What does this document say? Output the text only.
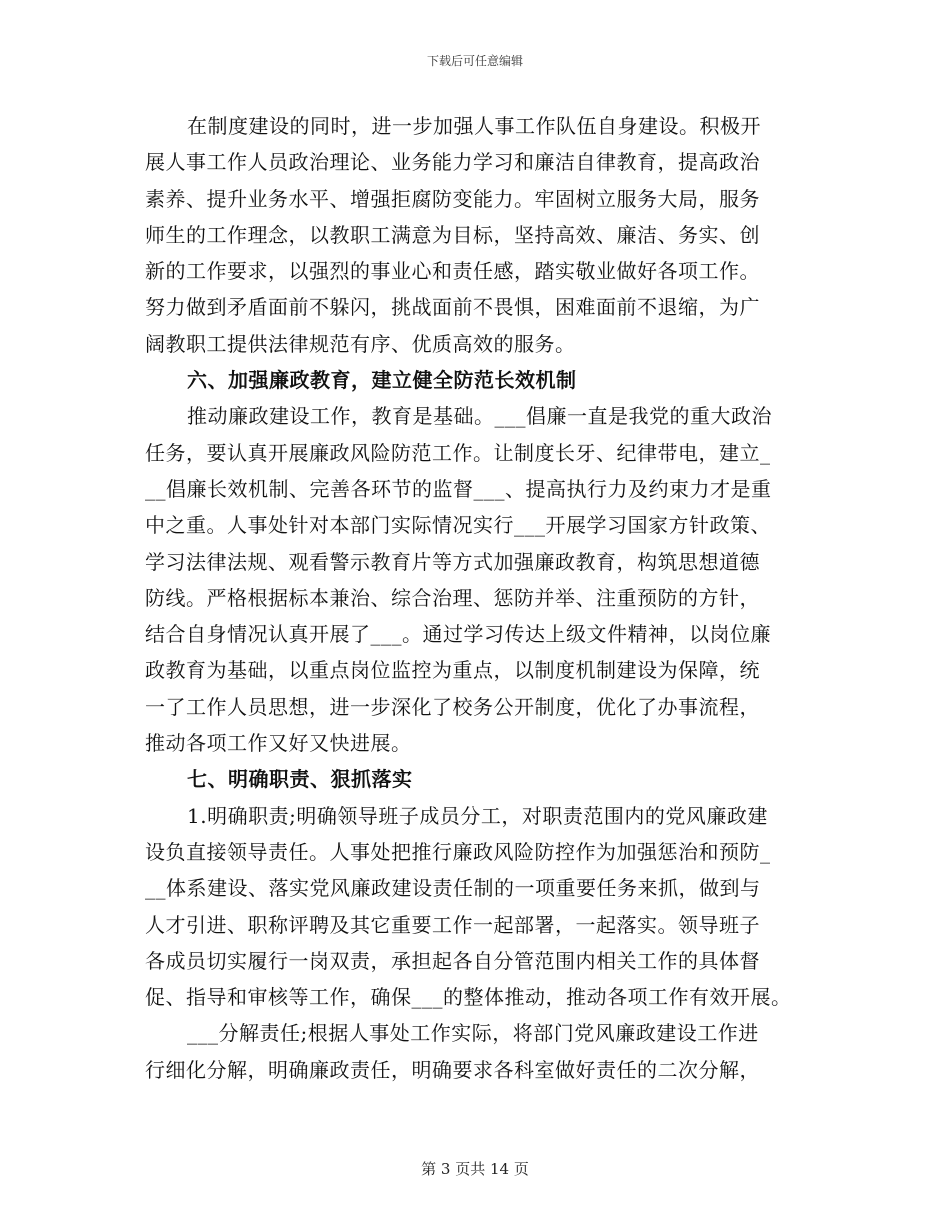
下载后可任意编辑
在制度建设的同时，进一步加强人事工作队伍自身建设。积极开
展人事工作人员政治理论、业务能力学习和廉洁自律教育，提高政治
素养、提升业务水平、增强拒腐防变能力。牢固树立服务大局，服务
师生的工作理念，以教职工满意为目标，坚持高效、廉洁、务实、创
新的工作要求，以强烈的事业心和责任感，踏实敬业做好各项工作。
努力做到矛盾面前不躲闪，挑战面前不畏惧，困难面前不退缩，为广
阔教职工提供法律规范有序、优质高效的服务。
六、加强廉政教育，建立健全防范长效机制
推动廉政建设工作，教育是基础。___倡廉一直是我党的重大政治
任务，要认真开展廉政风险防范工作。让制度长牙、纪律带电，建立_
__倡廉长效机制、完善各环节的监督___、提高执行力及约束力才是重
中之重。人事处针对本部门实际情况实行___开展学习国家方针政策、
学习法律法规、观看警示教育片等方式加强廉政教育，构筑思想道德
防线。严格根据标本兼治、综合治理、惩防并举、注重预防的方针，
结合自身情况认真开展了___。通过学习传达上级文件精神，以岗位廉
政教育为基础，以重点岗位监控为重点，以制度机制建设为保障，统
一了工作人员思想，进一步深化了校务公开制度，优化了办事流程，
推动各项工作又好又快进展。
七、明确职责、狠抓落实
1.明确职责;明确领导班子成员分工，对职责范围内的党风廉政建
设负直接领导责任。人事处把推行廉政风险防控作为加强惩治和预防_
__体系建设、落实党风廉政建设责任制的一项重要任务来抓，做到与
人才引进、职称评聘及其它重要工作一起部署，一起落实。领导班子
各成员切实履行一岗双责，承担起各自分管范围内相关工作的具体督
促、指导和审核等工作，确保___的整体推动，推动各项工作有效开展。
___分解责任;根据人事处工作实际，将部门党风廉政建设工作进
行细化分解，明确廉政责任，明确要求各科室做好责任的二次分解，
第 3 页共 14 页
